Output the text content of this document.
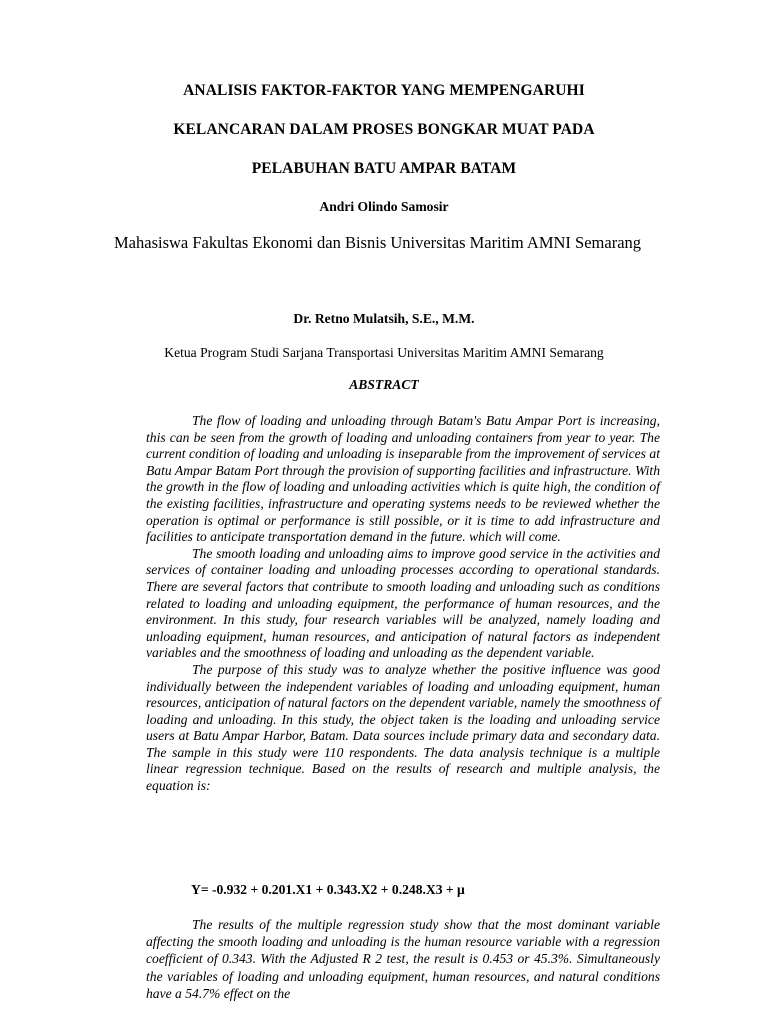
ANALISIS FAKTOR-FAKTOR YANG MEMPENGARUHI
KELANCARAN DALAM PROSES BONGKAR MUAT PADA
PELABUHAN BATU AMPAR BATAM
Andri Olindo Samosir
Mahasiswa Fakultas Ekonomi dan Bisnis Universitas Maritim AMNI Semarang
Dr. Retno Mulatsih, S.E., M.M.
Ketua Program Studi Sarjana Transportasi Universitas Maritim AMNI Semarang
ABSTRACT

The flow of loading and unloading through Batam's Batu Ampar Port is increasing, this can be seen from the growth of loading and unloading containers from year to year. The current condition of loading and unloading is inseparable from the improvement of services at Batu Ampar Batam Port through the provision of supporting facilities and infrastructure. With the growth in the flow of loading and unloading activities which is quite high, the condition of the existing facilities, infrastructure and operating systems needs to be reviewed whether the operation is optimal or performance is still possible, or it is time to add infrastructure and facilities to anticipate transportation demand in the future. which will come.

The smooth loading and unloading aims to improve good service in the activities and services of container loading and unloading processes according to operational standards. There are several factors that contribute to smooth loading and unloading such as conditions related to loading and unloading equipment, the performance of human resources, and the environment. In this study, four research variables will be analyzed, namely loading and unloading equipment, human resources, and anticipation of natural factors as independent variables and the smoothness of loading and unloading as the dependent variable.

The purpose of this study was to analyze whether the positive influence was good individually between the independent variables of loading and unloading equipment, human resources, anticipation of natural factors on the dependent variable, namely the smoothness of loading and unloading. In this study, the object taken is the loading and unloading service users at Batu Ampar Harbor, Batam. Data sources include primary data and secondary data. The sample in this study were 110 respondents. The data analysis technique is a multiple linear regression technique. Based on the results of research and multiple analysis, the equation is:

Y= -0.932 + 0.201.X1 + 0.343.X2 + 0.248.X3 + μ

The results of the multiple regression study show that the most dominant variable affecting the smooth loading and unloading is the human resource variable with a regression coefficient of 0.343. With the Adjusted R 2 test, the result is 0.453 or 45.3%. Simultaneously the variables of loading and unloading equipment, human resources, and natural conditions have a 54.7% effect on the
